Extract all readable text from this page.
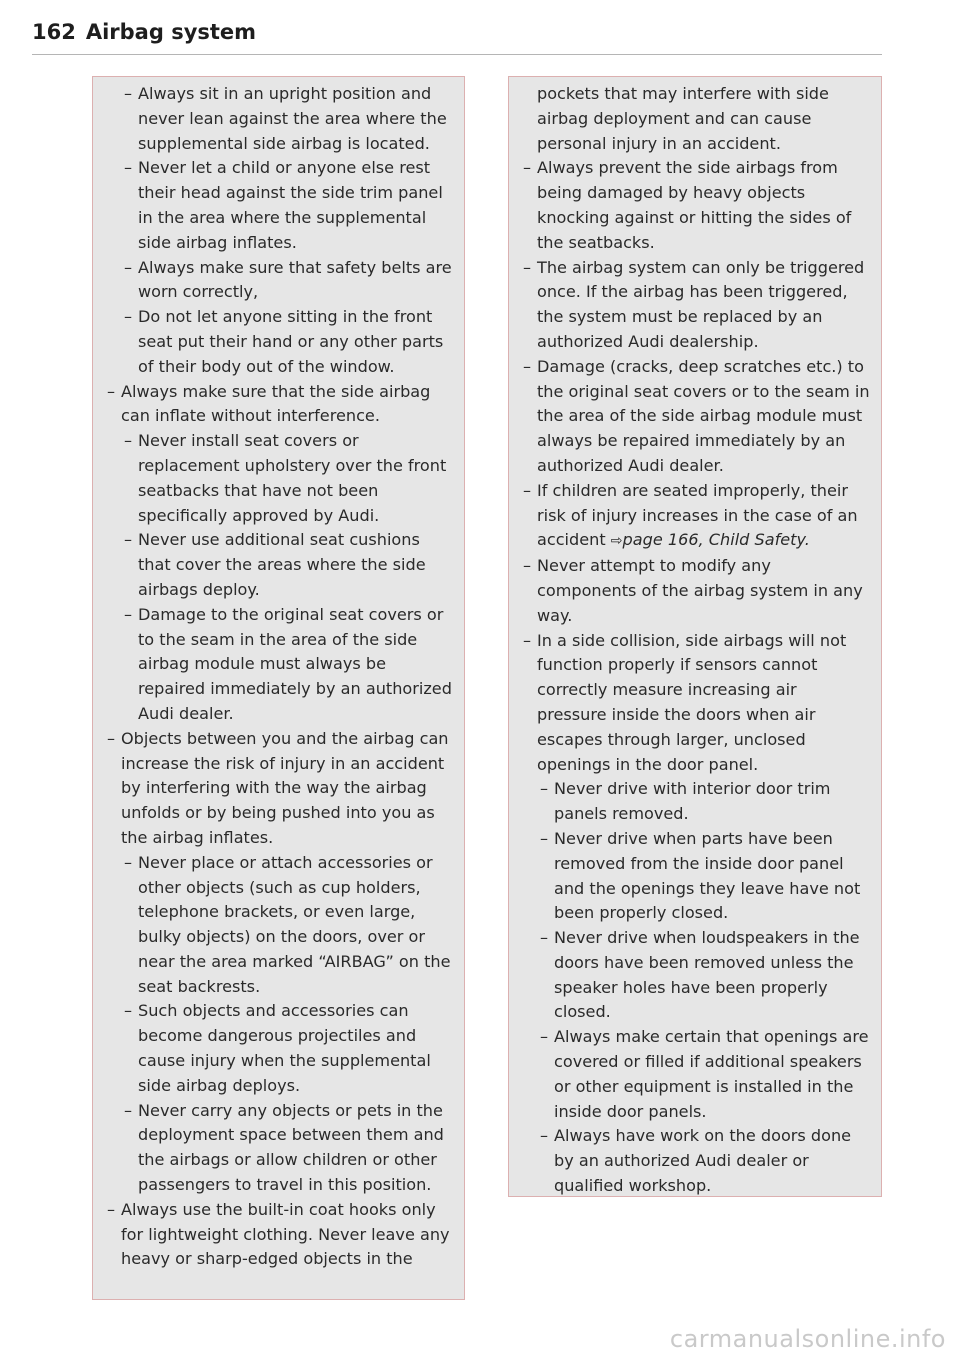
162 Airbag system
– Always sit in an upright position and never lean against the area where the supplemental side airbag is located.
– Never let a child or anyone else rest their head against the side trim panel in the area where the supplemental side airbag inflates.
– Always make sure that safety belts are worn correctly,
– Do not let anyone sitting in the front seat put their hand or any other parts of their body out of the window.
– Always make sure that the side airbag can inflate without interference.
– Never install seat covers or replacement upholstery over the front seatbacks that have not been specifically approved by Audi.
– Never use additional seat cushions that cover the areas where the side airbags deploy.
– Damage to the original seat covers or to the seam in the area of the side airbag module must always be repaired immediately by an authorized Audi dealer.
– Objects between you and the airbag can increase the risk of injury in an accident by interfering with the way the airbag unfolds or by being pushed into you as the airbag inflates.
– Never place or attach accessories or other objects (such as cup holders, telephone brackets, or even large, bulky objects) on the doors, over or near the area marked “AIRBAG” on the seat backrests.
– Such objects and accessories can become dangerous projectiles and cause injury when the supplemental side airbag deploys.
– Never carry any objects or pets in the deployment space between them and the airbags or allow children or other passengers to travel in this position.
– Always use the built-in coat hooks only for lightweight clothing. Never leave any heavy or sharp-edged objects in the
pockets that may interfere with side airbag deployment and can cause personal injury in an accident.
– Always prevent the side airbags from being damaged by heavy objects knocking against or hitting the sides of the seatbacks.
– The airbag system can only be triggered once. If the airbag has been triggered, the system must be replaced by an authorized Audi dealership.
– Damage (cracks, deep scratches etc.) to the original seat covers or to the seam in the area of the side airbag module must always be repaired immediately by an authorized Audi dealer.
– If children are seated improperly, their risk of injury increases in the case of an accident ⇨page 166, Child Safety.
– Never attempt to modify any components of the airbag system in any way.
– In a side collision, side airbags will not function properly if sensors cannot correctly measure increasing air pressure inside the doors when air escapes through larger, unclosed openings in the door panel.
– Never drive with interior door trim panels removed.
– Never drive when parts have been removed from the inside door panel and the openings they leave have not been properly closed.
– Never drive when loudspeakers in the doors have been removed unless the speaker holes have been properly closed.
– Always make certain that openings are covered or filled if additional speakers or other equipment is installed in the inside door panels.
– Always have work on the doors done by an authorized Audi dealer or qualified workshop.
carmanualsonline.info
